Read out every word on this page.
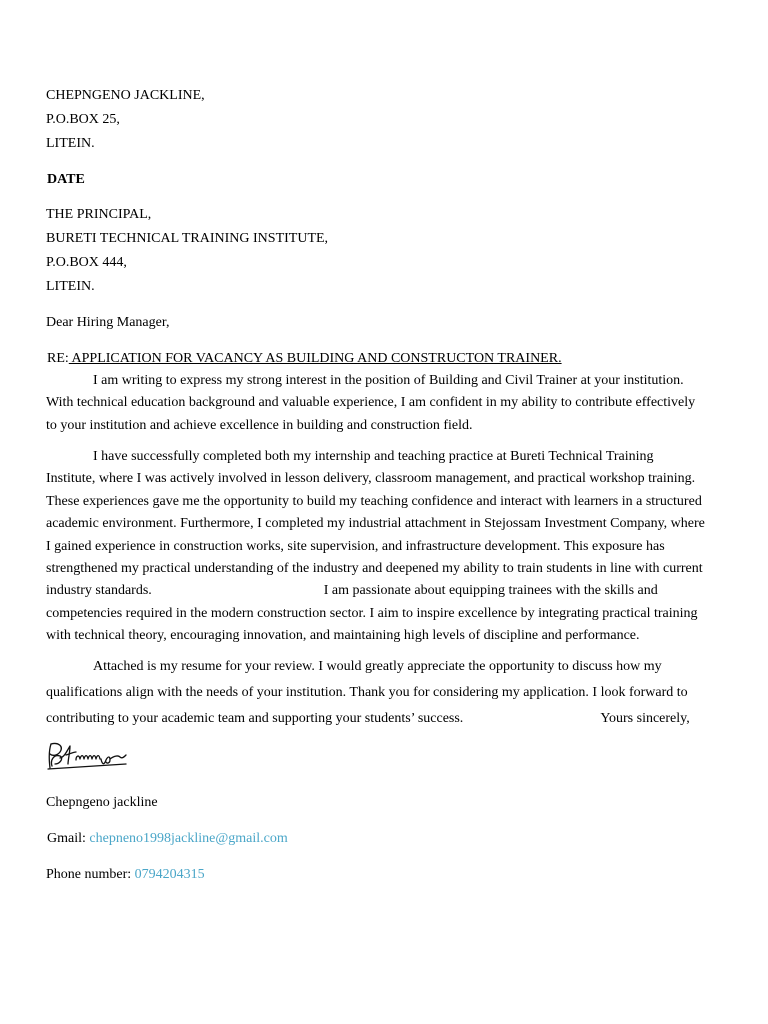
CHEPNGENO JACKLINE,
P.O.BOX 25,
LITEIN.
DATE
THE PRINCIPAL,
BURETI TECHNICAL TRAINING INSTITUTE,
P.O.BOX 444,
LITEIN.
Dear Hiring Manager,
RE: APPLICATION FOR VACANCY AS BUILDING AND CONSTRUCTON TRAINER.
I am writing to express my strong interest in the position of Building and Civil Trainer at your institution.
With technical education background and valuable experience, I am confident in my ability to contribute effectively
to your institution and achieve excellence in building and construction field.
I have successfully completed both my internship and teaching practice at Bureti Technical Training
Institute, where I was actively involved in lesson delivery, classroom management, and practical workshop training.
These experiences gave me the opportunity to build my teaching confidence and interact with learners in a structured
academic environment. Furthermore, I completed my industrial attachment in Stejossam Investment Company, where
I gained experience in construction works, site supervision, and infrastructure development. This exposure has
strengthened my practical understanding of the industry and deepened my ability to train students in line with current
industry standards.	I am passionate about equipping trainees with the skills and
competencies required in the modern construction sector. I aim to inspire excellence by integrating practical training
with technical theory, encouraging innovation, and maintaining high levels of discipline and performance.
Attached is my resume for your review. I would greatly appreciate the opportunity to discuss how my
qualifications align with the needs of your institution. Thank you for considering my application. I look forward to
contributing to your academic team and supporting your students’ success.	Yours sincerely,
Chepngeno jackline
Gmail: chepneno1998jackline@gmail.com
Phone number: 0794204315
